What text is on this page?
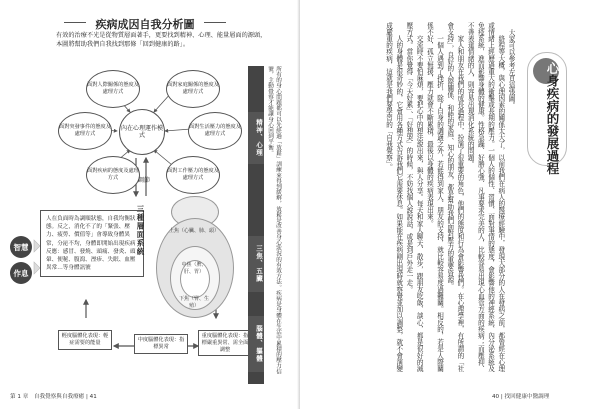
疾病成因自我分析圖
有效的治療不光是從物質層面著手，更要找到精神、心理、能量層面的源頭，本圖將幫助我們自我找到那條「回到健康的路」。
面對人際關係的態度及處理方式
面對家庭關係的態度及處理方式
面對突發事件的態度及處理方式
面對生活壓力的態度及處理方式
面對疾病的態度及處理方式
面對工作壓力的態度及處理方式
內在心理運作模式
調節
智慧
作息
人在負面時為調順狀態，自我均衡狀態。反之，消化不了的「緊張、壓力、疲勞、價值等」會導致身體異常，分泌不均，身體即開始出現疾病反應：感冒、發燒、頭痛、發炎、頭暈、便秘、腹瀉、溼疹、失眠、血壓異常…等身體訊號
三種層面系統	上焦（心臟、肺、頭）
中焦（脾、肝、胃）
下焦（腎、生殖）
輕度腦體化表現：輕症需要的能量	中度腦體化表現：指標異常
重度腦體化表現：指標嚴重異常、需全面調整
精神、心理
三焦、五臟
腦體、軀體	所有的身心問題都可以先經過「放鬆」訓練來得到緩解，放鬆是改善身心狀況的有效方法。疾病是身體在生活中累積的壓力信號，主動覺察才能讓身心回到平衡。
第 1 章　自我覺察與自我療癒 | 41
心身疾病的發展過程
大家可以參考左頁這張圖。
　　絡程等大概，與心理因素的關係太大了，以前我們在病人的醫療經驗中，發現大部分的人在發病之前，都曾經在心理或情緒上經歷過重大的衝擊或長期的壓力。一個人的個性、習慣、面對事情的態度，會影響他的神經系統、內分泌系統及免疫系統，進而影響身體的健康。性格急躁、好勝心強、凡事要求完美的人，比較容易出現心血管方面的疾病；而壓抑、不善表達情緒的人，則容易出現消化系統的問題。
　　家人和朋友在我們的成長過程中，扮演了很重要的角色，他們的態度和行為會影響我們。在心理學裡，有所謂的「社會支持」，良好的人際關係、和睦的家庭、知心的朋友，都是幫助我們面對壓力的重要資源。
　　一個人遇到了挫折，除了自身的調適之外，若能得到家人、朋友的支持，就比較容易度過難關。相反的，若是人際關係不好，孤立無援，壓力就會不斷累積，最後以身體的疾病表現出來。
　　交流時不要怕麻煩，要把心中的想法說出來，與人分享。每天和家人聊天、散步，跟朋友吃飯、談心，都是很好的減壓方式。當你覺得「今天好累」、「好想哭」的時候，不妨找個人說說話，或是到戶外走一走。
　　人的身體是很奇妙的，它會用各種方式告訴我們它需要休息。如果能在疾病剛出現時就察覺並加以調整，就不會演變成嚴重的疾病，這就是我們要學習的「自我覺察」。
40 | 找回健康中醫調理
